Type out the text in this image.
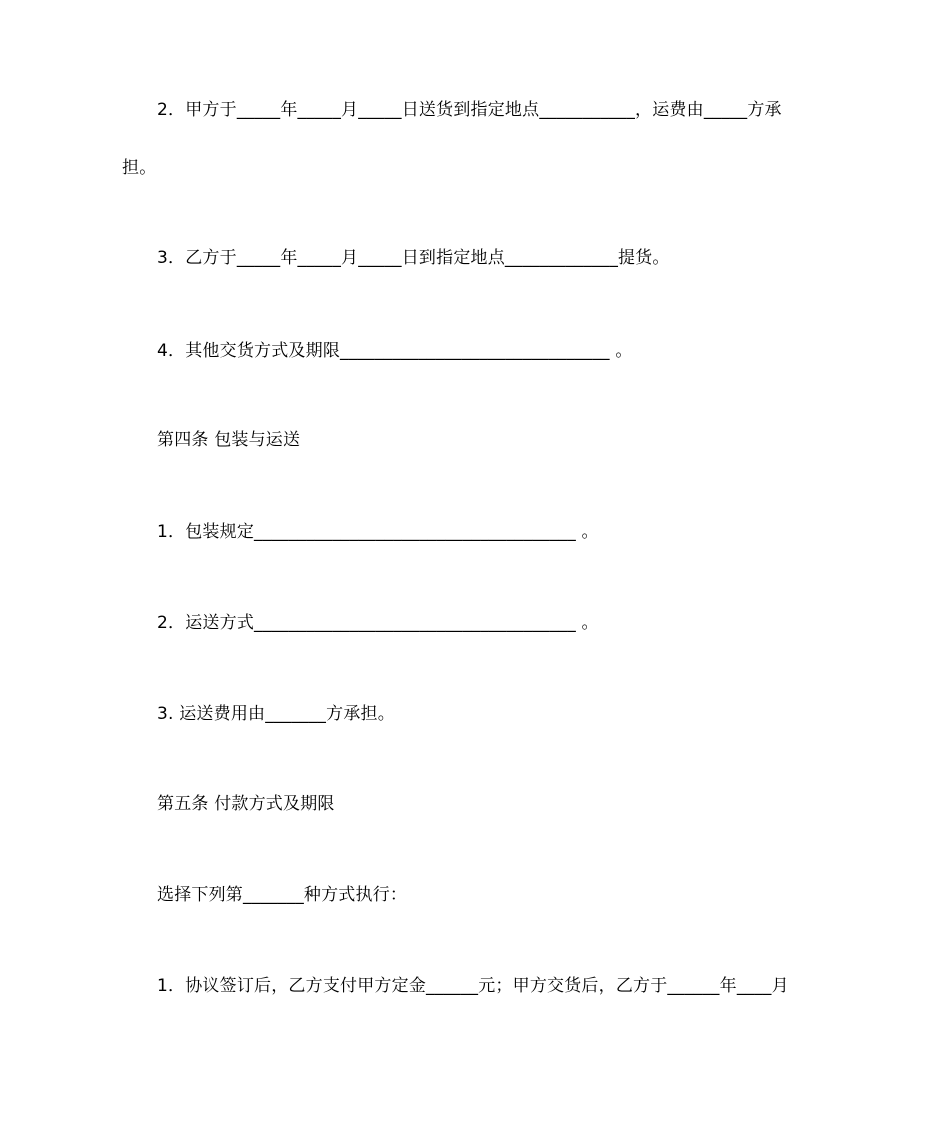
2．甲方于_____年_____月_____日送货到指定地点___________，运费由_____方承
担。
3．乙方于_____年_____月_____日到指定地点_____________提货。
4．其他交货方式及期限_______________________________ 。
第四条 包装与运送
1．包装规定_____________________________________ 。
2．运送方式_____________________________________ 。
3. 运送费用由_______方承担。
第五条 付款方式及期限
选择下列第_______种方式执行：
1．协议签订后，乙方支付甲方定金______元；甲方交货后，乙方于______年____月
